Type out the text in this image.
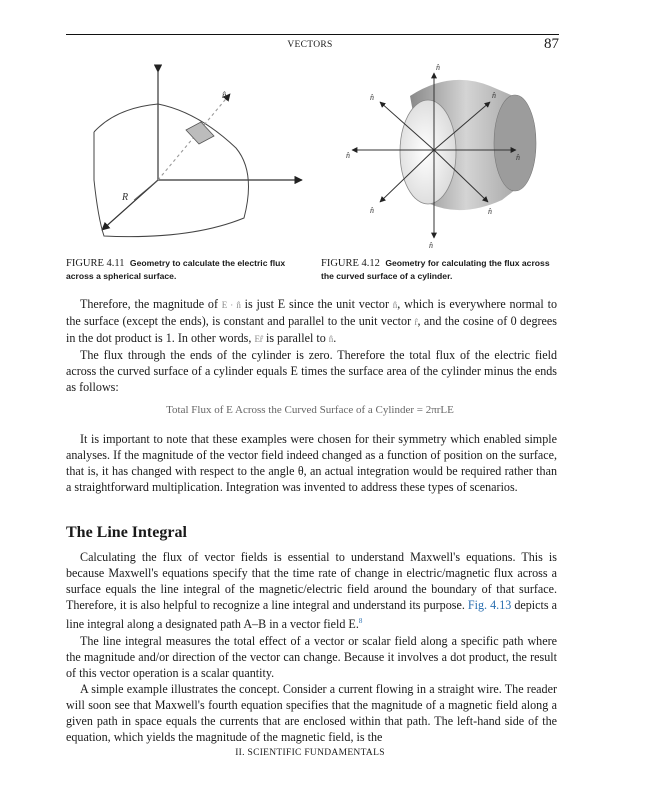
VECTORS	87
n̂
R
n̂
n̂
n̂	n̂
n̂	n̂
n̂	n̂
FIGURE 4.11 Geometry to calculate the electric flux across a spherical surface.
FIGURE 4.12 Geometry for calculating the flux across the curved surface of a cylinder.

Therefore, the magnitude of E · n̂ is just E since the unit vector n̂, which is everywhere normal to the surface (except the ends), is constant and parallel to the unit vector r̂, and the cosine of 0 degrees in the dot product is 1. In other words, Er̂ is parallel to n̂.

The flux through the ends of the cylinder is zero. Therefore the total flux of the electric field across the curved surface of a cylinder equals E times the surface area of the cylinder minus the ends as follows:

Total Flux of E Across the Curved Surface of a Cylinder = 2πrLE

It is important to note that these examples were chosen for their symmetry which enabled simple analyses. If the magnitude of the vector field indeed changed as a function of position on the surface, that is, it has changed with respect to the angle θ, an actual integration would be required rather than a straightforward multiplication. Integration was invented to address these types of scenarios.

The Line Integral

Calculating the flux of vector fields is essential to understand Maxwell's equations. This is because Maxwell's equations specify that the time rate of change in electric/magnetic flux across a surface equals the line integral of the magnetic/electric field around the boundary of that surface. Therefore, it is also helpful to recognize a line integral and understand its purpose. Fig. 4.13 depicts a line integral along a designated path A–B in a vector field E.$^8$

The line integral measures the total effect of a vector or scalar field along a specific path where the magnitude and/or direction of the vector can change. Because it involves a dot product, the result of this vector operation is a scalar quantity.

A simple example illustrates the concept. Consider a current flowing in a straight wire. The reader will soon see that Maxwell's fourth equation specifies that the magnitude of a magnetic field along a given path in space equals the currents that are enclosed within that path. The left-hand side of the equation, which yields the magnitude of the magnetic field, is the

II. SCIENTIFIC FUNDAMENTALS
